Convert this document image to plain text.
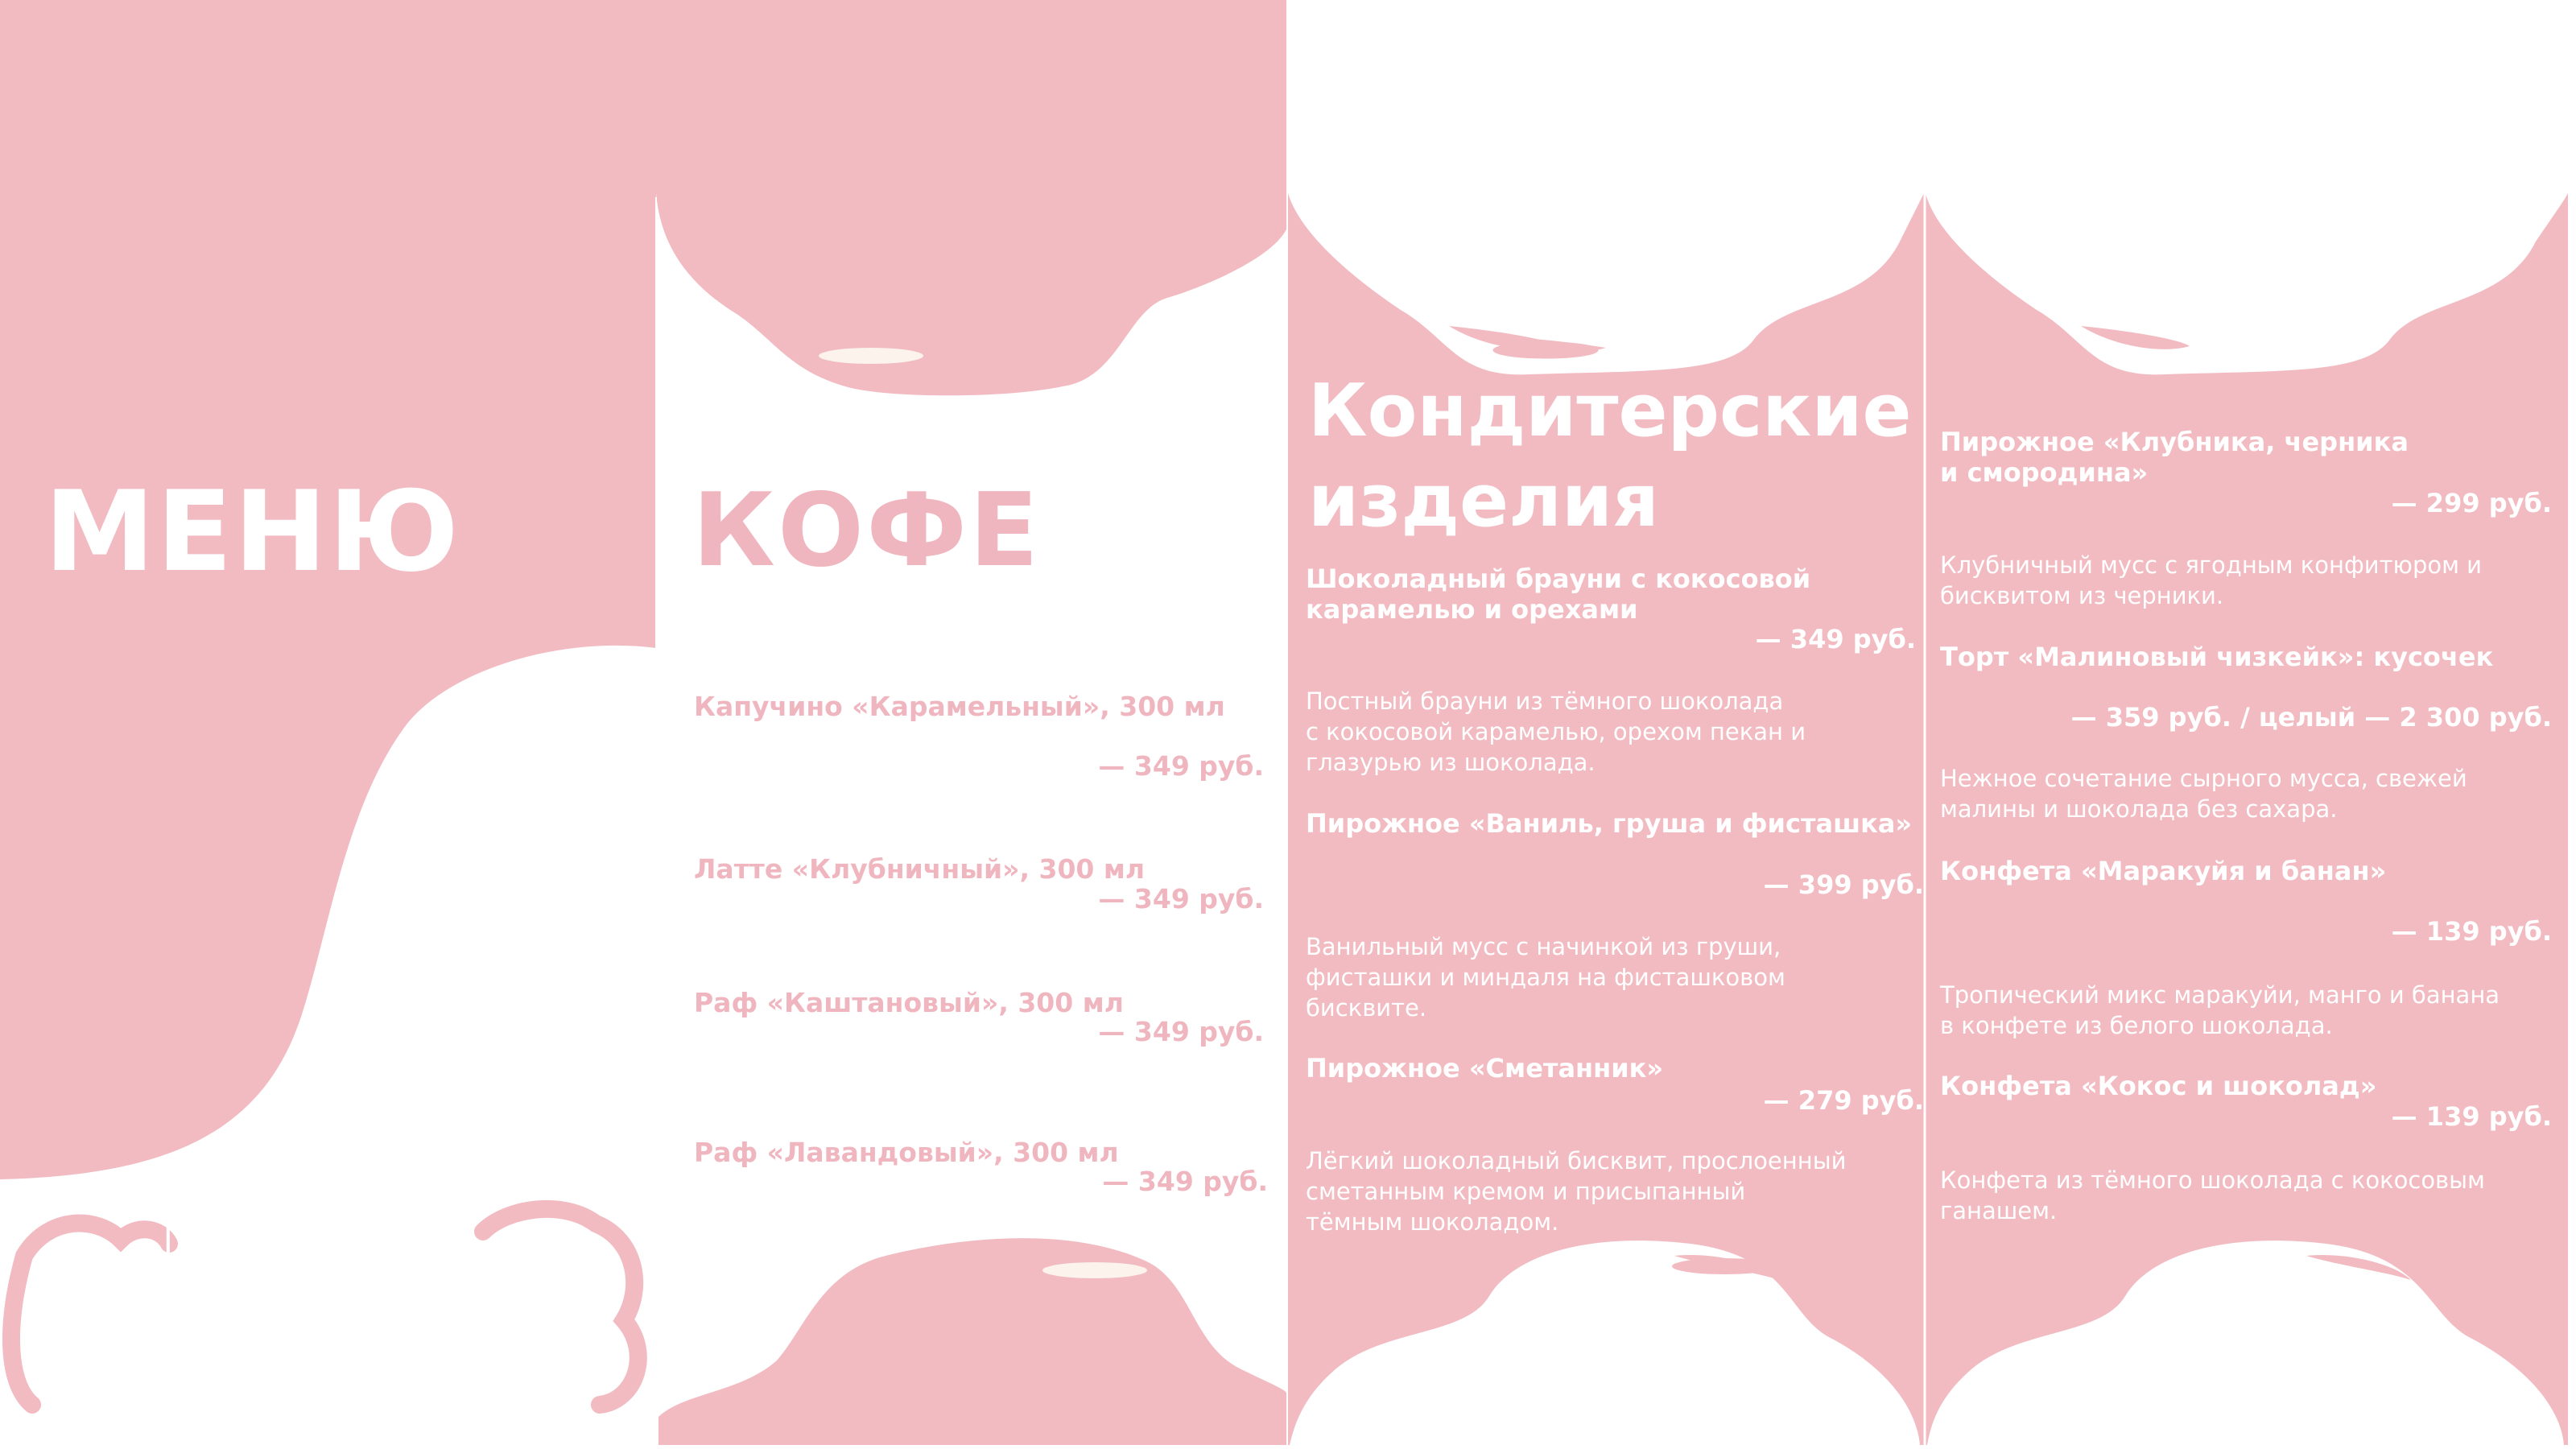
МЕНЮ
Little
Puncakes
КОФЕ
Капучино «Карамельный», 300 мл
— 349 руб.
Латте «Клубничный», 300 мл
— 349 руб.
Раф «Каштановый», 300 мл
— 349 руб.
Раф «Лавандовый», 300 мл
— 349 руб.
Кондитерские изделия
Шоколадный брауни с кокосовой
карамелью и орехами
— 349 руб.
Постный брауни из тёмного шоколада
с кокосовой карамелью, орехом пекан и
глазурью из шоколада.
Пирожное «Ваниль, груша и фисташка»
— 399 руб.
Ванильный мусс с начинкой из груши,
фисташки и миндаля на фисташковом
бисквите.
Пирожное «Сметанник»
— 279 руб.
Лёгкий шоколадный бисквит, прослоенный
сметанным кремом и присыпанный
тёмным шоколадом.
Пирожное «Клубника, черника
и смородина»
— 299 руб.
Клубничный мусс с ягодным конфитюром и
бисквитом из черники.
Торт «Малиновый чизкейк»: кусочек
— 359 руб. / целый — 2 300 руб.
Нежное сочетание сырного мусса, свежей
малины и шоколада без сахара.
Конфета «Маракуйя и банан»
— 139 руб.
Тропический микс маракуйи, манго и банана
в конфете из белого шоколада.
Конфета «Кокос и шоколад»
— 139 руб.
Конфета из тёмного шоколада с кокосовым
ганашем.
